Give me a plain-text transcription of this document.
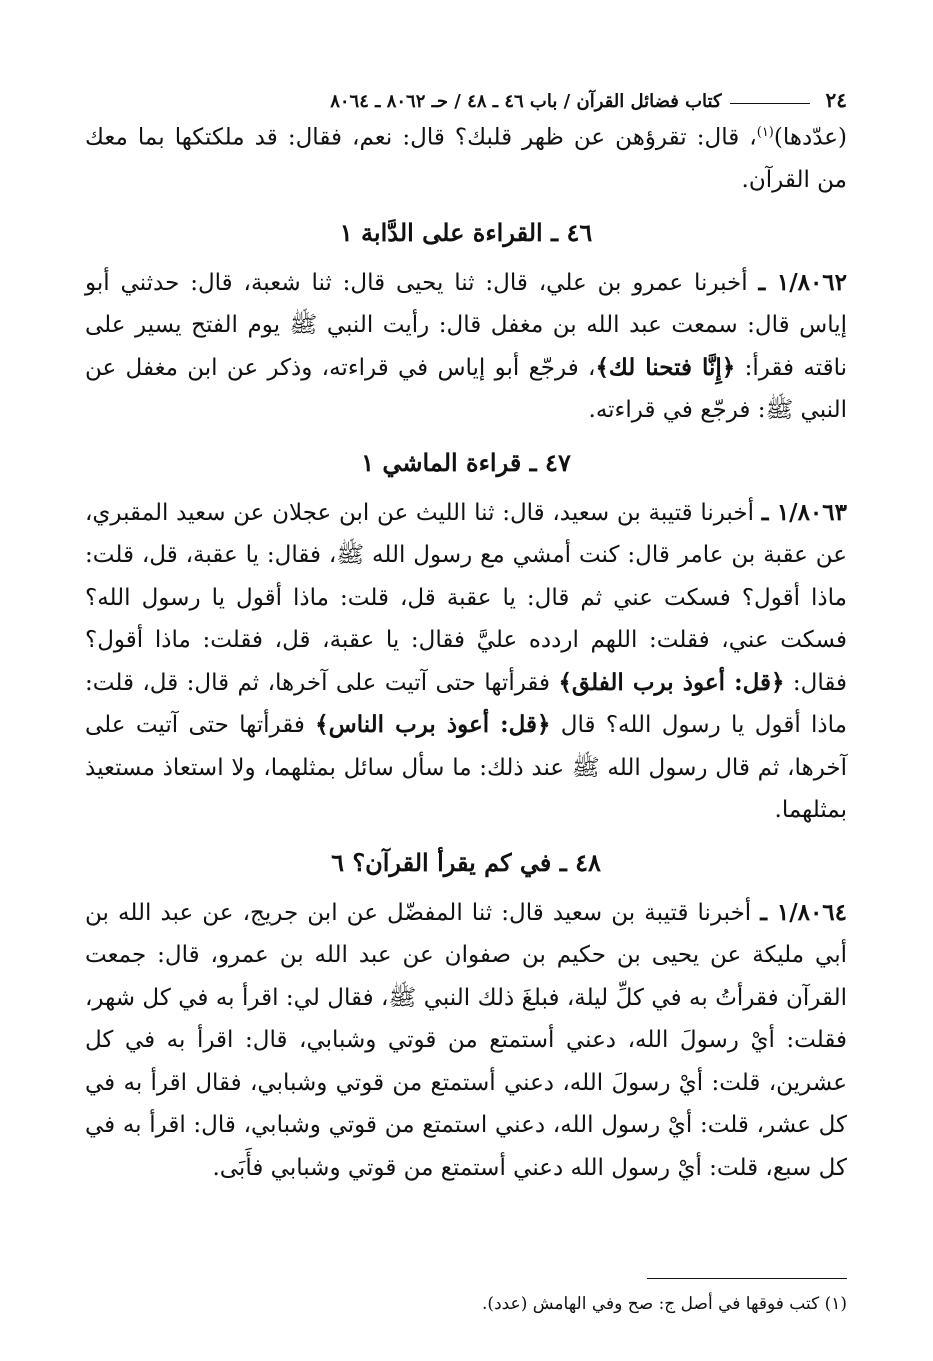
٢٤
كتاب فضائل القرآن / باب ٤٦ ـ ٤٨ / حـ ٨٠٦٢ ـ ٨٠٦٤

(عدّدها)$^{(١)}$، قال: تقرؤهن عن ظهر قلبك؟ قال: نعم، فقال: قد ملكتكها بما معك من القرآن.

٤٦ ـ القراءة على الدَّابة ١

١/٨٠٦٢ ـ أخبرنا عمرو بن علي، قال: ثنا يحيى قال: ثنا شعبة، قال: حدثني أبو إياس قال: سمعت عبد الله بن مغفل قال: رأيت النبي ﷺ يوم الفتح يسير على ناقته فقرأ: ﴿إِنَّا فتحنا لك﴾، فرجّع أبو إياس في قراءته، وذكر عن ابن مغفل عن النبي ﷺ: فرجّع في قراءته.

٤٧ ـ قراءة الماشي ١

١/٨٠٦٣ ـ أخبرنا قتيبة بن سعيد، قال: ثنا الليث عن ابن عجلان عن سعيد المقبري، عن عقبة بن عامر قال: كنت أمشي مع رسول الله ﷺ، فقال: يا عقبة، قل، قلت: ماذا أقول؟ فسكت عني ثم قال: يا عقبة قل، قلت: ماذا أقول يا رسول الله؟ فسكت عني، فقلت: اللهم اردده عليَّ فقال: يا عقبة، قل، فقلت: ماذا أقول؟ فقال: ﴿قل: أعوذ برب الفلق﴾ فقرأتها حتى آتيت على آخرها، ثم قال: قل، قلت: ماذا أقول يا رسول الله؟ قال ﴿قل: أعوذ برب الناس﴾ فقرأتها حتى آتيت على آخرها، ثم قال رسول الله ﷺ عند ذلك: ما سأل سائل بمثلهما، ولا استعاذ مستعيذ بمثلهما.

٤٨ ـ في كم يقرأ القرآن؟ ٦

١/٨٠٦٤ ـ أخبرنا قتيبة بن سعيد قال: ثنا المفضّل عن ابن جريج، عن عبد الله بن أبي مليكة عن يحيى بن حكيم بن صفوان عن عبد الله بن عمرو، قال: جمعت القرآن فقرأتُ به في كلِّ ليلة، فبلغَ ذلك النبي ﷺ، فقال لي: اقرأ به في كل شهر، فقلت: أيْ رسولَ الله، دعني أستمتع من قوتي وشبابي، قال: اقرأ به في كل عشرين، قلت: أيْ رسولَ الله، دعني أستمتع من قوتي وشبابي، فقال اقرأ به في كل عشر، قلت: أيْ رسول الله، دعني استمتع من قوتي وشبابي، قال: اقرأ به في كل سبع، قلت: أيْ رسول الله دعني أستمتع من قوتي وشبابي فأَبَى.

(١) كتب فوقها في أصل ج: صح وفي الهامش (عدد).
